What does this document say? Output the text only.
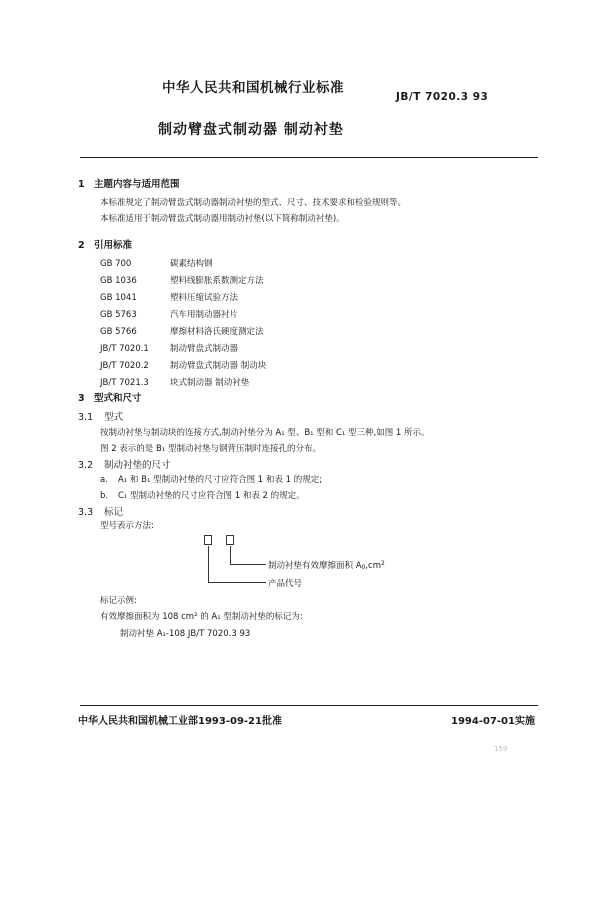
中华人民共和国机械行业标准
JB/T 7020.3 93
制动臂盘式制动器 制动衬垫
1 主题内容与适用范围
本标准规定了制动臂盘式制动器制动衬垫的型式、尺寸、技术要求和检验规则等。
本标准适用于制动臂盘式制动器用制动衬垫(以下简称制动衬垫)。
2 引用标准
GB 700	碳素结构钢
GB 1036	塑料线膨胀系数测定方法
GB 1041	塑料压缩试验方法
GB 5763	汽车用制动器衬片
GB 5766	摩擦材料洛氏硬度测定法
JB/T 7020.1 制动臂盘式制动器
JB/T 7020.2 制动臂盘式制动器 制动块
JB/T 7021.3 块式制动器 制动衬垫
3 型式和尺寸
3.1 型式
按制动衬垫与制动块的连接方式,制动衬垫分为 A₁ 型、B₁ 型和 C₁ 型三种,如图 1 所示。
图 2 表示的是 B₁ 型制动衬垫与钢背压制时连接孔的分布。
3.2 制动衬垫的尺寸
a. A₁ 和 B₁ 型制动衬垫的尺寸应符合图 1 和表 1 的规定;
b. C₁ 型制动衬垫的尺寸应符合图 1 和表 2 的规定。
3.3 标记
型号表示方法:
制动衬垫有效摩擦面积 $A_0,cm^2$
产品代号
标记示例:
有效摩擦面积为 108 cm² 的 A₁ 型制动衬垫的标记为:
制动衬垫 A₁-108 JB/T 7020.3 93
中华人民共和国机械工业部1993-09-21批准	1994-07-01实施
159
